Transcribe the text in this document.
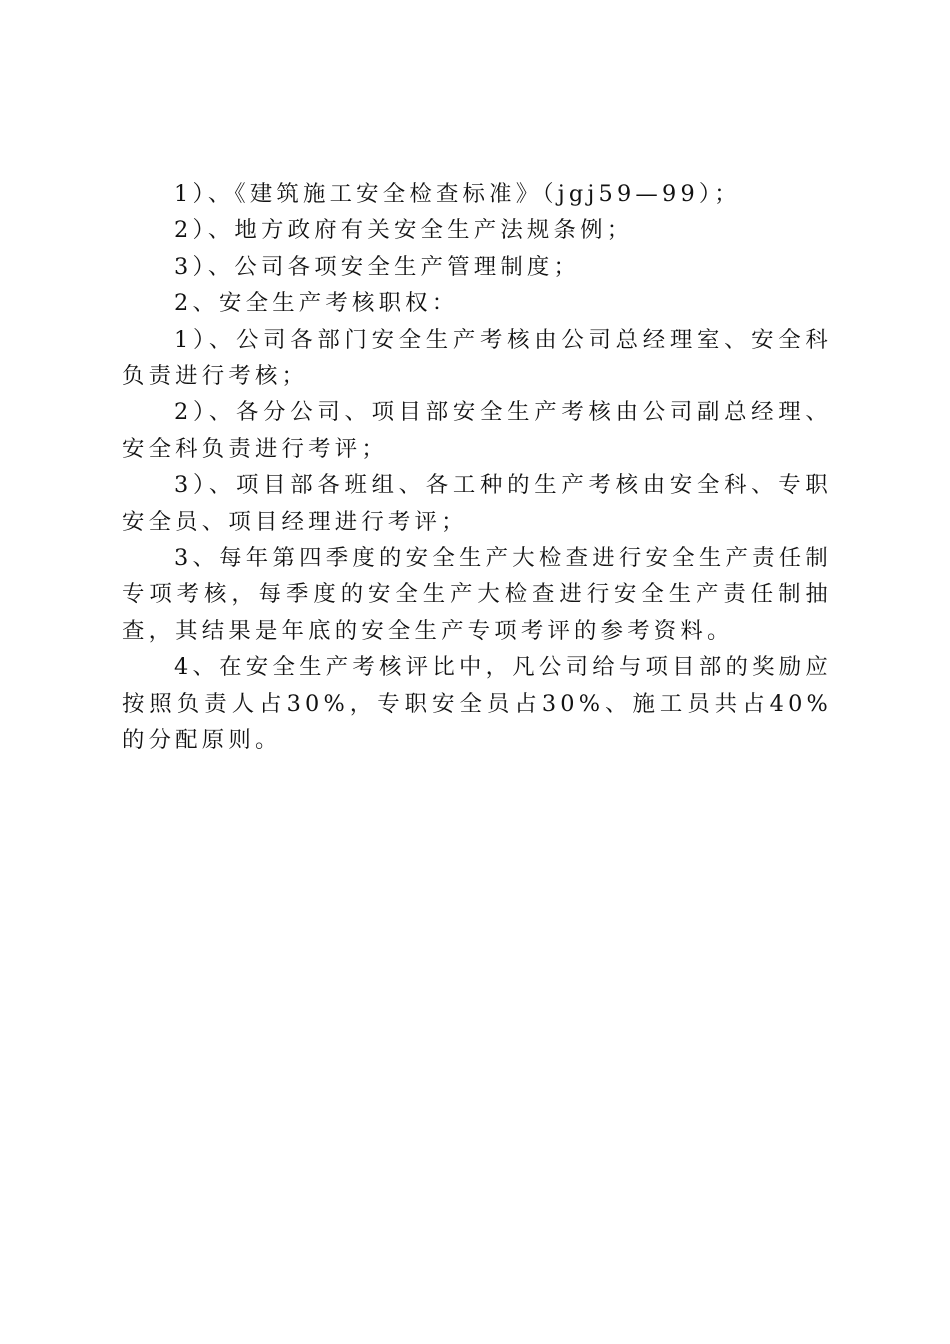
1）、《建筑施工安全检查标准》（jgj59—99）；

2）、地方政府有关安全生产法规条例；

3）、公司各项安全生产管理制度；

2、安全生产考核职权：

1）、公司各部门安全生产考核由公司总经理室、安全科负责进行考核；

2）、各分公司、项目部安全生产考核由公司副总经理、安全科负责进行考评；

3）、项目部各班组、各工种的生产考核由安全科、专职安全员、项目经理进行考评；

3、每年第四季度的安全生产大检查进行安全生产责任制专项考核，每季度的安全生产大检查进行安全生产责任制抽查，其结果是年底的安全生产专项考评的参考资料。

4、在安全生产考核评比中，凡公司给与项目部的奖励应按照负责人占30%，专职安全员占30%、施工员共占40%的分配原则。
